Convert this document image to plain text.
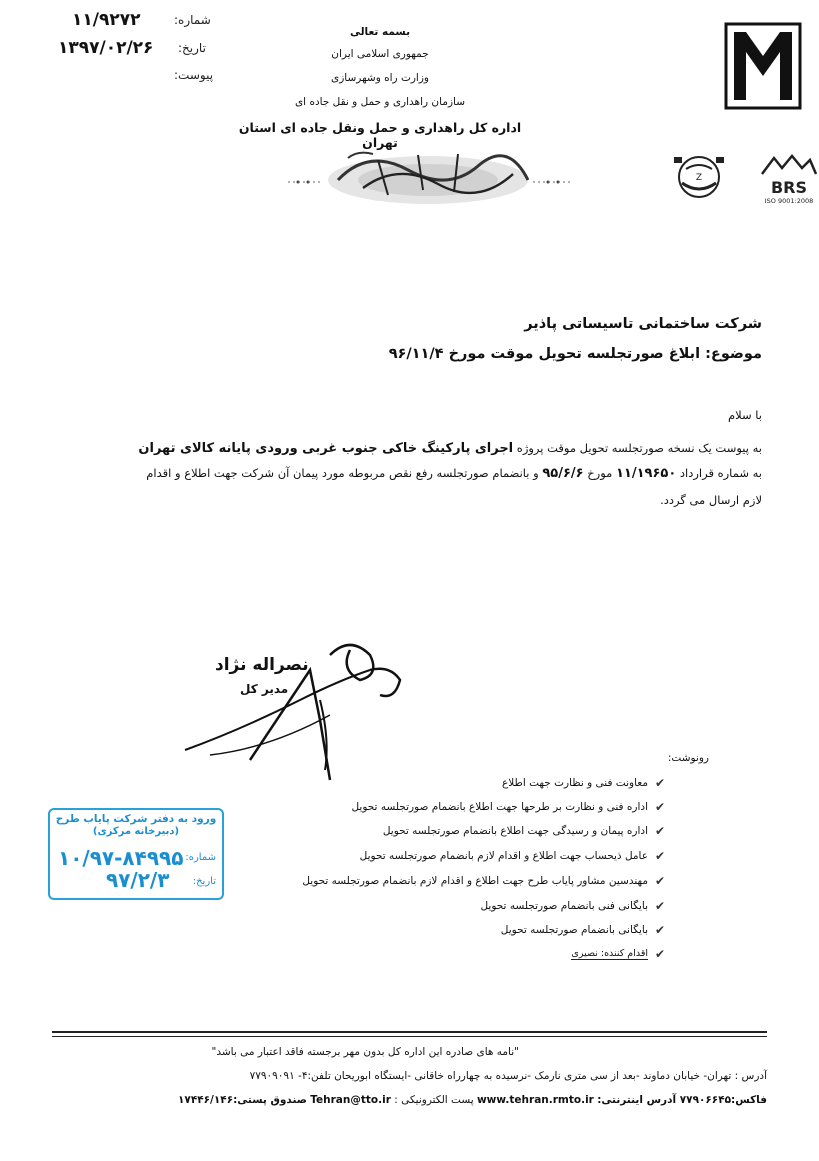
شماره:
۱۱/۹۲۷۲
تاریخ:
۱۳۹۷/۰۲/۲۶
پیوست:
بسمه تعالی
جمهوری اسلامی ایران
وزارت راه وشهرسازی
سازمان راهداری و حمل و نقل جاده ای
اداره کل راهداری و حمل ونقل جاده ای استان تهران
Z	BRS
ISO 9001:2008
شرکت ساختمانی تاسیساتی پاذیر
موضوع: ابلاغ صورتجلسه تحویل موقت مورخ ۹۶/۱۱/۴
با سلام
به پیوست یک نسخه صورتجلسه تحویل موقت پروژه اجرای پارکینگ خاکی جنوب غربی ورودی پایانه کالای تهران
به شماره قرارداد ۱۱/۱۹۶۵۰ مورخ ۹۵/۶/۶ و بانضمام صورتجلسه رفع نقص مربوطه مورد پیمان آن شرکت جهت اطلاع و اقدام
لازم ارسال می گردد.
نصراله نژاد
مدیر کل
رونوشت:
✔
معاونت فنی و نظارت جهت اطلاع
✔
اداره فنی و نظارت بر طرحها جهت اطلاع بانضمام صورتجلسه تحویل
✔
اداره پیمان و رسیدگی جهت اطلاع بانضمام صورتجلسه تحویل
✔
عامل ذیحساب جهت اطلاع و اقدام لازم بانضمام صورتجلسه تحویل
✔
مهندسین مشاور پایاب طرح جهت اطلاع و اقدام لازم بانضمام صورتجلسه تحویل
✔
بایگانی فنی بانضمام صورتجلسه تحویل
✔
بایگانی بانضمام صورتجلسه تحویل
✔
اقدام کننده: نصیری
ورود به دفتر شرکت پایاب طرح
(دبیرخانه مرکزی)
شماره:
۱۰/۹۷-۸۴۹۹۵
تاریخ:
۹۷/۲/۳
"نامه های صادره این اداره کل بدون مهر برجسته فاقد اعتبار می باشد"
آدرس : تهران- خیابان دماوند -بعد از سی متری نارمک -نرسیده به چهارراه خاقانی -ایستگاه ابوریحان تلفن:۴- ۷۷۹۰۹۰۹۱
فاکس:۷۷۹۰۶۶۴۵ آدرس اینترنتی: www.tehran.rmto.ir پست الکترونیکی : Tehran@tto.ir صندوق پستی:۱۷۴۴۶/۱۴۶
